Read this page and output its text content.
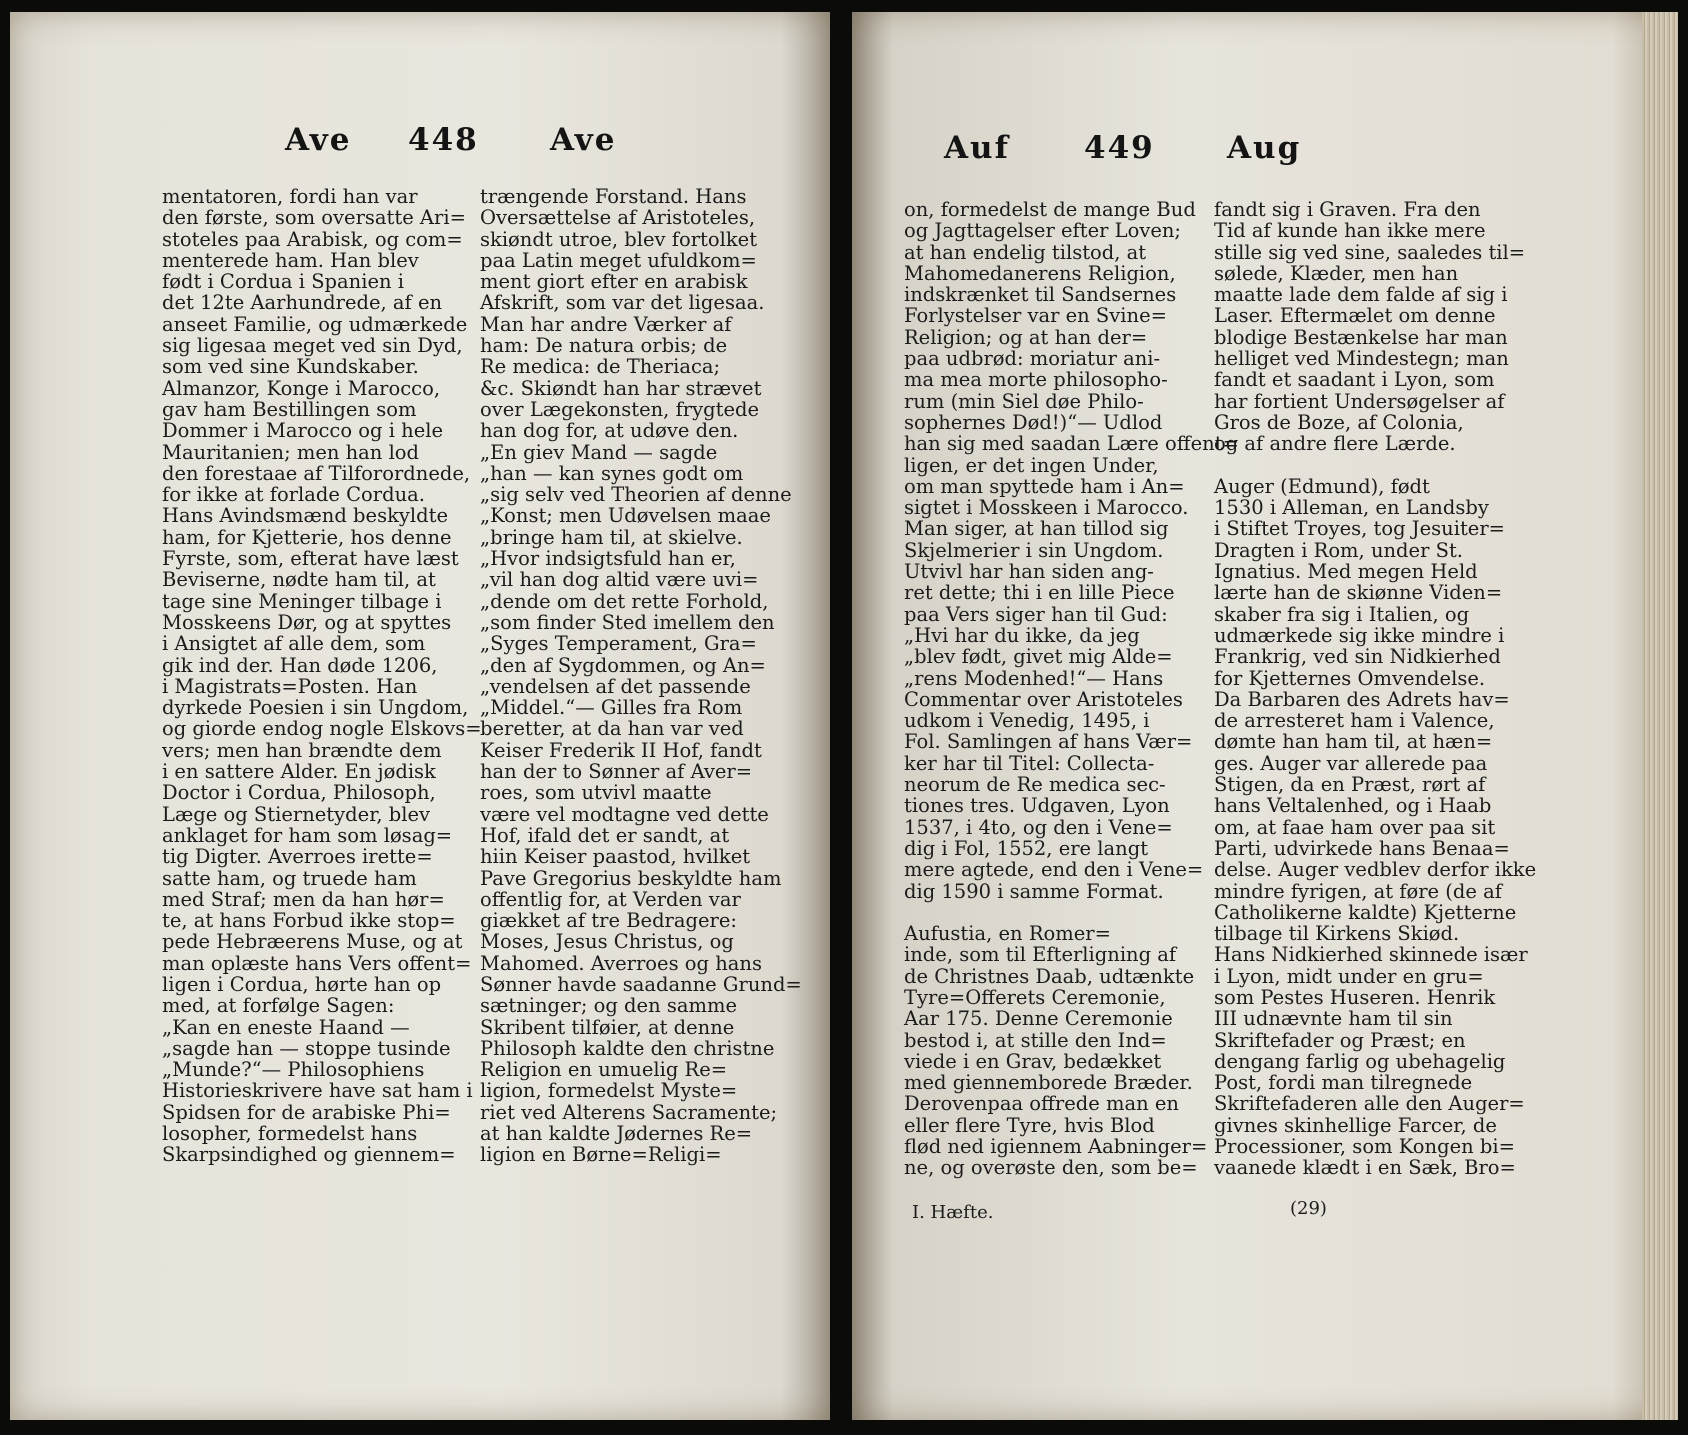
Ave 448 Ave
mentatoren, fordi han var
den første, som oversatte Ari=
stoteles paa Arabisk, og com=
menterede ham. Han blev
født i Cordua i Spanien i
det 12te Aarhundrede, af en
anseet Familie, og udmærkede
sig ligesaa meget ved sin Dyd,
som ved sine Kundskaber.
Almanzor, Konge i Marocco,
gav ham Bestillingen som
Dommer i Marocco og i hele
Mauritanien; men han lod
den forestaae af Tilforordnede,
for ikke at forlade Cordua.
Hans Avindsmænd beskyldte
ham, for Kjetterie, hos denne
Fyrste, som, efterat have læst
Beviserne, nødte ham til, at
tage sine Meninger tilbage i
Mosskeens Dør, og at spyttes
i Ansigtet af alle dem, som
gik ind der. Han døde 1206,
i Magistrats=Posten. Han
dyrkede Poesien i sin Ungdom,
og giorde endog nogle Elskovs=
vers; men han brændte dem
i en sattere Alder. En jødisk
Doctor i Cordua, Philosoph,
Læge og Stiernetyder, blev
anklaget for ham som løsag=
tig Digter. Averroes irette=
satte ham, og truede ham
med Straf; men da han hør=
te, at hans Forbud ikke stop=
pede Hebræerens Muse, og at
man oplæste hans Vers offent=
ligen i Cordua, hørte han op
med, at forfølge Sagen:
„Kan en eneste Haand —
„sagde han — stoppe tusinde
„Munde?“— Philosophiens
Historieskrivere have sat ham i
Spidsen for de arabiske Phi=
losopher, formedelst hans
Skarpsindighed og giennem=
trængende Forstand. Hans
Oversættelse af Aristoteles,
skiøndt utroe, blev fortolket
paa Latin meget ufuldkom=
ment giort efter en arabisk
Afskrift, som var det ligesaa.
Man har andre Værker af
ham: De natura orbis; de
Re medica: de Theriaca;
&c. Skiøndt han har strævet
over Lægekonsten, frygtede
han dog for, at udøve den.
„En giev Mand — sagde
„han — kan synes godt om
„sig selv ved Theorien af denne
„Konst; men Udøvelsen maae
„bringe ham til, at skielve.
„Hvor indsigtsfuld han er,
„vil han dog altid være uvi=
„dende om det rette Forhold,
„som finder Sted imellem den
„Syges Temperament, Gra=
„den af Sygdommen, og An=
„vendelsen af det passende
„Middel.“— Gilles fra Rom
beretter, at da han var ved
Keiser Frederik II Hof, fandt
han der to Sønner af Aver=
roes, som utvivl maatte
være vel modtagne ved dette
Hof, ifald det er sandt, at
hiin Keiser paastod, hvilket
Pave Gregorius beskyldte ham
offentlig for, at Verden var
giækket af tre Bedragere:
Moses, Jesus Christus, og
Mahomed. Averroes og hans
Sønner havde saadanne Grund=
sætninger; og den samme
Skribent tilføier, at denne
Philosoph kaldte den christne
Religion en umuelig Re=
ligion, formedelst Myste=
riet ved Alterens Sacramente;
at han kaldte Jødernes Re=
ligion en Børne=Religi=
Auf 449 Aug
on, formedelst de mange Bud
og Jagttagelser efter Loven;
at han endelig tilstod, at
Mahomedanerens Religion,
indskrænket til Sandsernes
Forlystelser var en Svine=
Religion; og at han der=
paa udbrød: moriatur ani-
ma mea morte philosopho-
rum (min Siel døe Philo-
sophernes Død!)“— Udlod
han sig med saadan Lære offent=
ligen, er det ingen Under,
om man spyttede ham i An=
sigtet i Mosskeen i Marocco.
Man siger, at han tillod sig
Skjelmerier i sin Ungdom.
Utvivl har han siden ang-
ret dette; thi i en lille Piece
paa Vers siger han til Gud:
„Hvi har du ikke, da jeg
„blev født, givet mig Alde=
„rens Modenhed!“— Hans
Commentar over Aristoteles
udkom i Venedig, 1495, i
Fol. Samlingen af hans Vær=
ker har til Titel: Collecta-
neorum de Re medica sec-
tiones tres. Udgaven, Lyon
1537, i 4to, og den i Vene=
dig i Fol, 1552, ere langt
mere agtede, end den i Vene=
dig 1590 i samme Format.

Aufustia, en Romer=
inde, som til Efterligning af
de Christnes Daab, udtænkte
Tyre=Offerets Ceremonie,
Aar 175. Denne Ceremonie
bestod i, at stille den Ind=
viede i en Grav, bedækket
med giennemborede Bræder.
Derovenpaa offrede man en
eller flere Tyre, hvis Blod
flød ned igiennem Aabninger=
ne, og overøste den, som be=
fandt sig i Graven. Fra den
Tid af kunde han ikke mere
stille sig ved sine, saaledes til=
sølede, Klæder, men han
maatte lade dem falde af sig i
Laser. Eftermælet om denne
blodige Bestænkelse har man
helliget ved Mindestegn; man
fandt et saadant i Lyon, som
har fortient Undersøgelser af
Gros de Boze, af Colonia,
og af andre flere Lærde.

Auger (Edmund), født
1530 i Alleman, en Landsby
i Stiftet Troyes, tog Jesuiter=
Dragten i Rom, under St.
Ignatius. Med megen Held
lærte han de skiønne Viden=
skaber fra sig i Italien, og
udmærkede sig ikke mindre i
Frankrig, ved sin Nidkierhed
for Kjetternes Omvendelse.
Da Barbaren des Adrets hav=
de arresteret ham i Valence,
dømte han ham til, at hæn=
ges. Auger var allerede paa
Stigen, da en Præst, rørt af
hans Veltalenhed, og i Haab
om, at faae ham over paa sit
Parti, udvirkede hans Benaa=
delse. Auger vedblev derfor ikke
mindre fyrigen, at føre (de af
Catholikerne kaldte) Kjetterne
tilbage til Kirkens Skiød.
Hans Nidkierhed skinnede især
i Lyon, midt under en gru=
som Pestes Huseren. Henrik
III udnævnte ham til sin
Skriftefader og Præst; en
dengang farlig og ubehagelig
Post, fordi man tilregnede
Skriftefaderen alle den Auger=
givnes skinhellige Farcer, de
Processioner, som Kongen bi=
vaanede klædt i en Sæk, Bro=
I. Hæfte.	(29)
